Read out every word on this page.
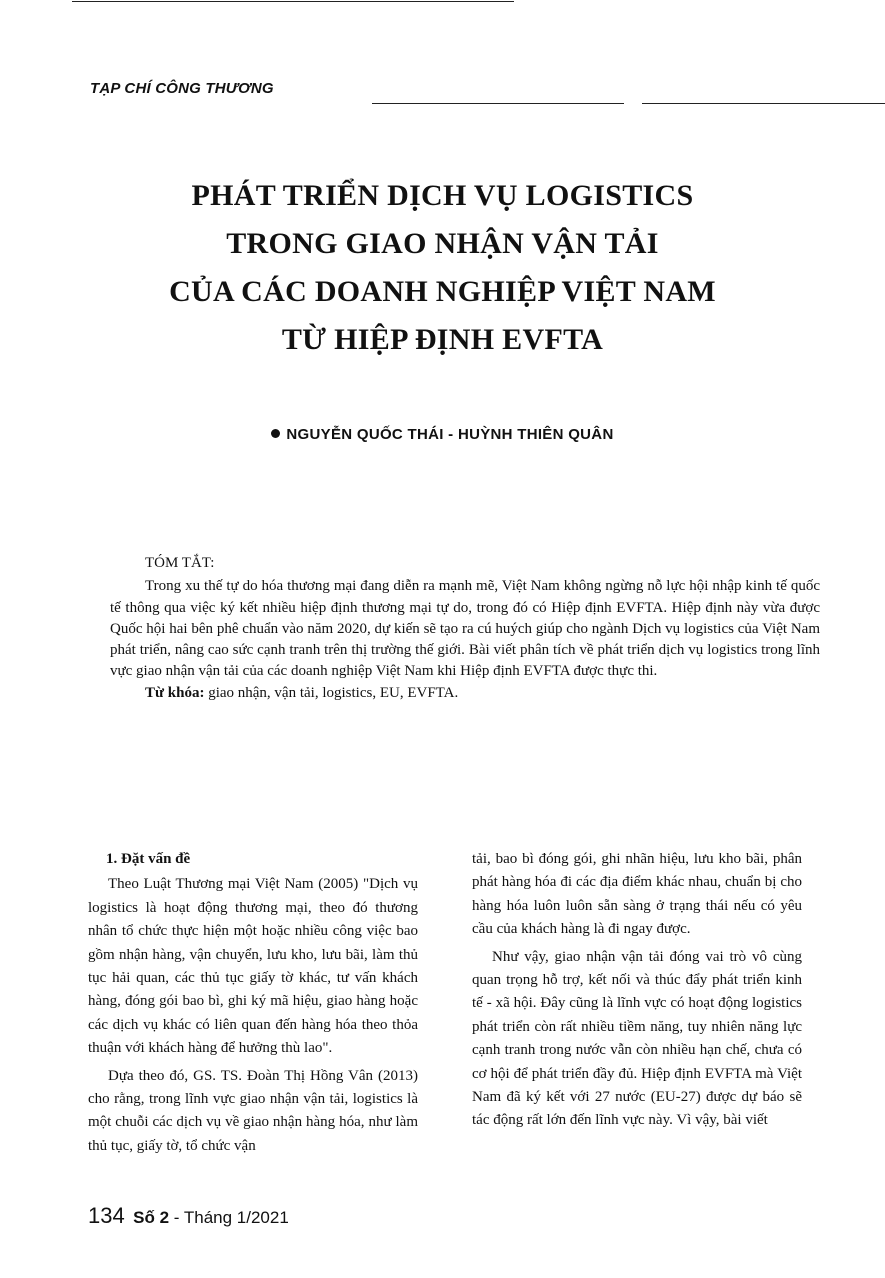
TẠP CHÍ CÔNG THƯƠNG
PHÁT TRIỂN DỊCH VỤ LOGISTICS
TRONG GIAO NHẬN VẬN TẢI
CỦA CÁC DOANH NGHIỆP VIỆT NAM
TỪ HIỆP ĐỊNH EVFTA
NGUYỄN QUỐC THÁI - HUỲNH THIÊN QUÂN
TÓM TẮT:

Trong xu thế tự do hóa thương mại đang diễn ra mạnh mẽ, Việt Nam không ngừng nỗ lực hội nhập kinh tế quốc tế thông qua việc ký kết nhiều hiệp định thương mại tự do, trong đó có Hiệp định EVFTA. Hiệp định này vừa được Quốc hội hai bên phê chuẩn vào năm 2020, dự kiến sẽ tạo ra cú huých giúp cho ngành Dịch vụ logistics của Việt Nam phát triển, nâng cao sức cạnh tranh trên thị trường thế giới. Bài viết phân tích về phát triển dịch vụ logistics trong lĩnh vực giao nhận vận tải của các doanh nghiệp Việt Nam khi Hiệp định EVFTA được thực thi.

Từ khóa: giao nhận, vận tải, logistics, EU, EVFTA.
1. Đặt vấn đề

Theo Luật Thương mại Việt Nam (2005) "Dịch vụ logistics là hoạt động thương mại, theo đó thương nhân tổ chức thực hiện một hoặc nhiều công việc bao gồm nhận hàng, vận chuyển, lưu kho, lưu bãi, làm thủ tục hải quan, các thủ tục giấy tờ khác, tư vấn khách hàng, đóng gói bao bì, ghi ký mã hiệu, giao hàng hoặc các dịch vụ khác có liên quan đến hàng hóa theo thỏa thuận với khách hàng để hưởng thù lao".

Dựa theo đó, GS. TS. Đoàn Thị Hồng Vân (2013) cho rằng, trong lĩnh vực giao nhận vận tải, logistics là một chuỗi các dịch vụ về giao nhận hàng hóa, như làm thủ tục, giấy tờ, tổ chức vận

tải, bao bì đóng gói, ghi nhãn hiệu, lưu kho bãi, phân phát hàng hóa đi các địa điểm khác nhau, chuẩn bị cho hàng hóa luôn luôn sẵn sàng ở trạng thái nếu có yêu cầu của khách hàng là đi ngay được.

Như vậy, giao nhận vận tải đóng vai trò vô cùng quan trọng hỗ trợ, kết nối và thúc đẩy phát triển kinh tế - xã hội. Đây cũng là lĩnh vực có hoạt động logistics phát triển còn rất nhiều tiềm năng, tuy nhiên năng lực cạnh tranh trong nước vẫn còn nhiều hạn chế, chưa có cơ hội để phát triển đầy đủ. Hiệp định EVFTA mà Việt Nam đã ký kết với 27 nước (EU-27) được dự báo sẽ tác động rất lớn đến lĩnh vực này. Vì vậy, bài viết

134 Số 2 - Tháng 1/2021
